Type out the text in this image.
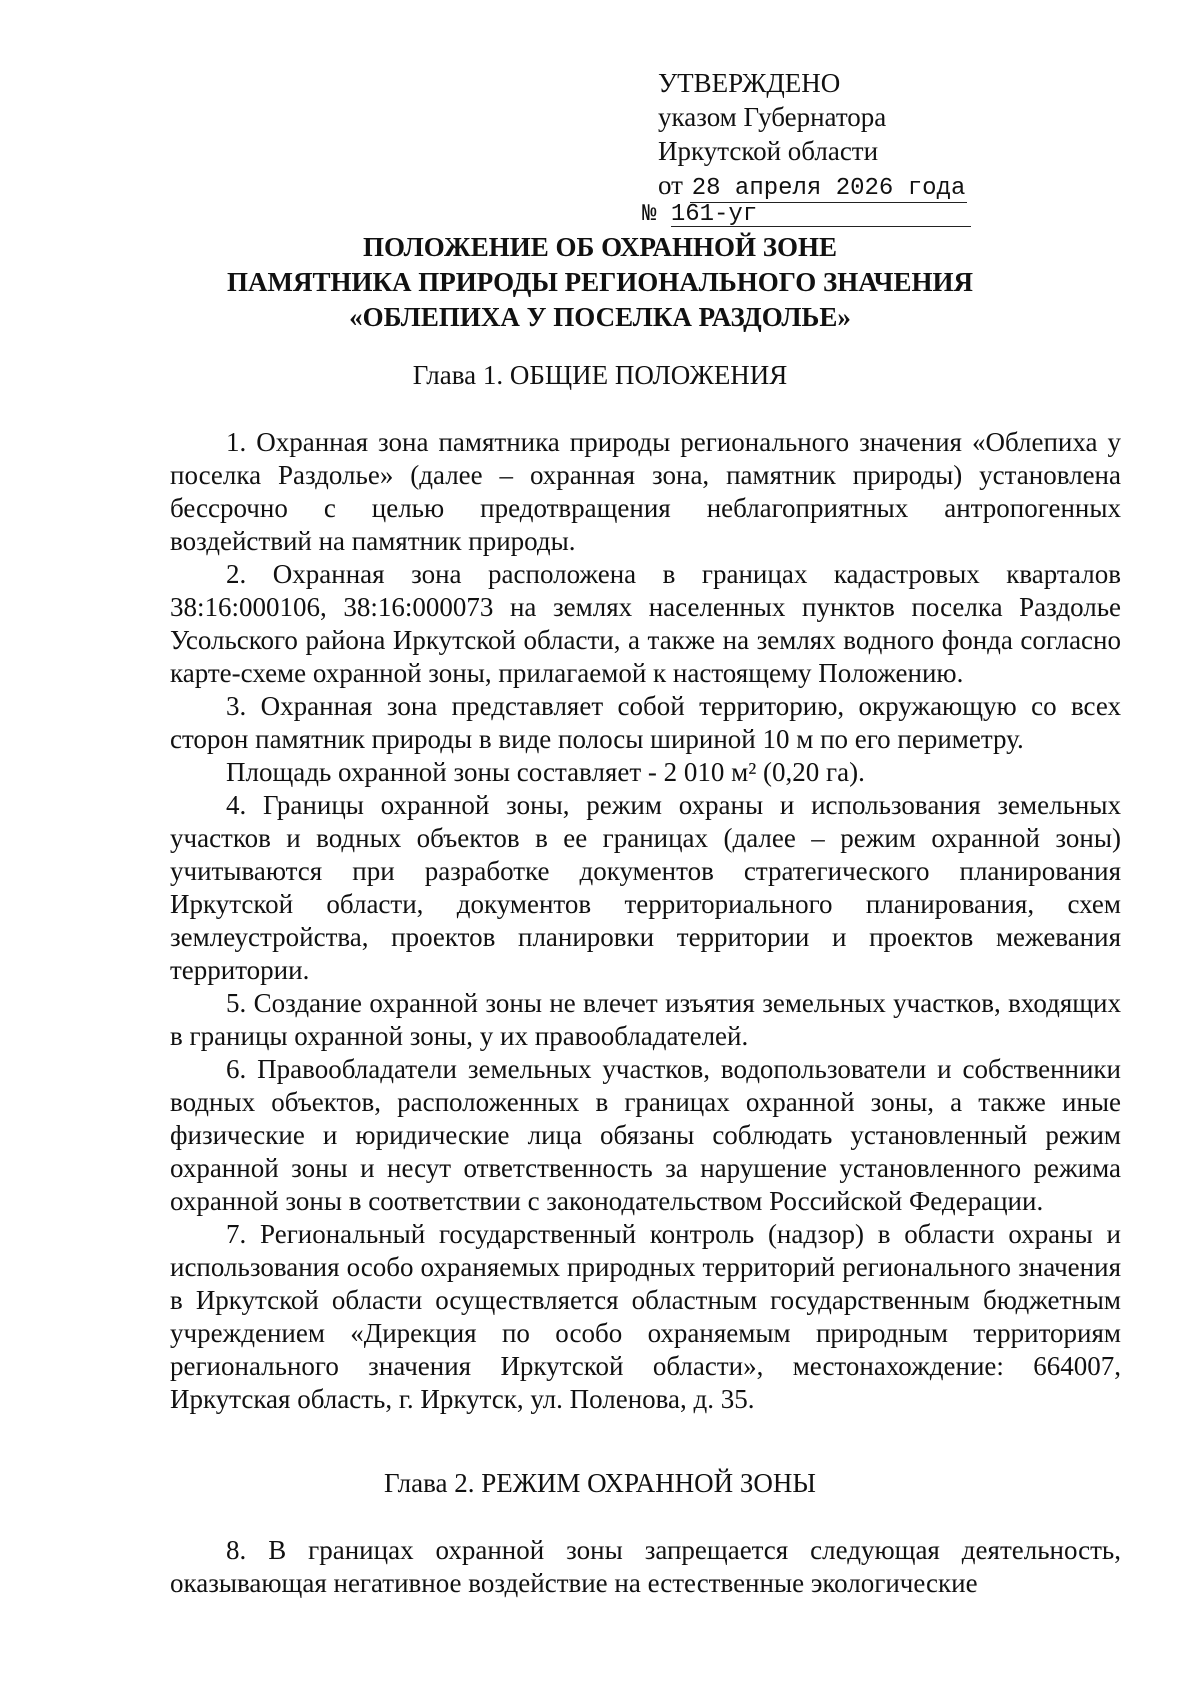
УТВЕРЖДЕНО
указом Губернатора
Иркутской области
от 28 апреля 2026 года
№ 161-уг
ПОЛОЖЕНИЕ ОБ ОХРАННОЙ ЗОНЕ
ПАМЯТНИКА ПРИРОДЫ РЕГИОНАЛЬНОГО ЗНАЧЕНИЯ
«ОБЛЕПИХА У ПОСЕЛКА РАЗДОЛЬЕ»
Глава 1. ОБЩИЕ ПОЛОЖЕНИЯ

1. Охранная зона памятника природы регионального значения «Облепиха у поселка Раздолье» (далее – охранная зона, памятник природы) установлена бессрочно с целью предотвращения неблагоприятных антропогенных воздействий на памятник природы.

2. Охранная зона расположена в границах кадастровых кварталов 38:16:000106, 38:16:000073 на землях населенных пунктов поселка Раздолье Усольского района Иркутской области, а также на землях водного фонда согласно карте-схеме охранной зоны, прилагаемой к настоящему Положению.

3. Охранная зона представляет собой территорию, окружающую со всех сторон памятник природы в виде полосы шириной 10 м по его периметру.

Площадь охранной зоны составляет - 2 010 м² (0,20 га).

4. Границы охранной зоны, режим охраны и использования земельных участков и водных объектов в ее границах (далее – режим охранной зоны) учитываются при разработке документов стратегического планирования Иркутской области, документов территориального планирования, схем землеустройства, проектов планировки территории и проектов межевания территории.

5. Создание охранной зоны не влечет изъятия земельных участков, входящих в границы охранной зоны, у их правообладателей.

6. Правообладатели земельных участков, водопользователи и собственники водных объектов, расположенных в границах охранной зоны, а также иные физические и юридические лица обязаны соблюдать установленный режим охранной зоны и несут ответственность за нарушение установленного режима охранной зоны в соответствии с законодательством Российской Федерации.

7. Региональный государственный контроль (надзор) в области охраны и использования особо охраняемых природных территорий регионального значения в Иркутской области осуществляется областным государственным бюджетным учреждением «Дирекция по особо охраняемым природным территориям регионального значения Иркутской области», местонахождение: 664007, Иркутская область, г. Иркутск, ул. Поленова, д. 35.

Глава 2. РЕЖИМ ОХРАННОЙ ЗОНЫ

8. В границах охранной зоны запрещается следующая деятельность, оказывающая негативное воздействие на естественные экологические
